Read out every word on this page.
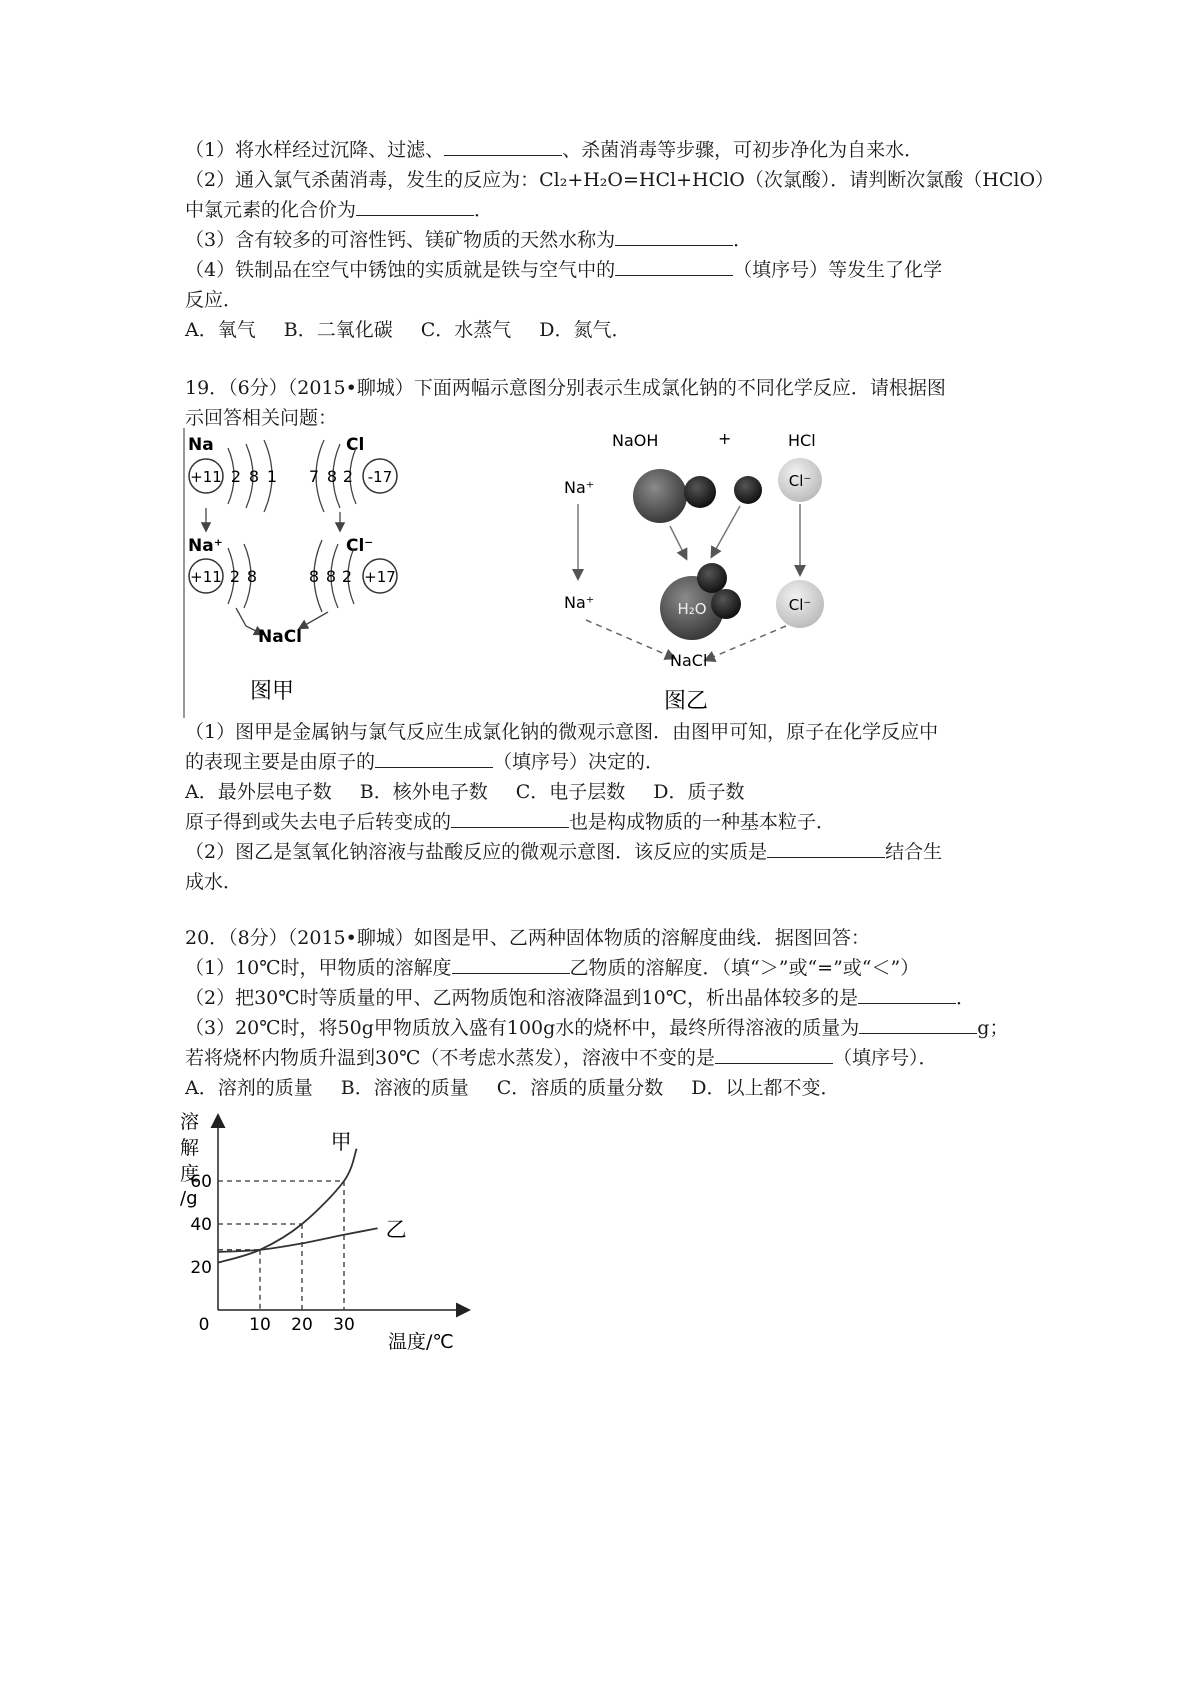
（1）将水样经过沉降、过滤、	、杀菌消毒等步骤，可初步净化为自来水．
（2）通入氯气杀菌消毒，发生的反应为：Cl₂+H₂O=HCl+HClO（次氯酸）．请判断次氯酸（HClO）
中氯元素的化合价为	．
（3）含有较多的可溶性钙、镁矿物质的天然水称为	．
（4）铁制品在空气中锈蚀的实质就是铁与空气中的	（填序号）等发生了化学
反应．
A．氧气 B．二氧化碳 C．水蒸气 D．氮气．
19．（6分）（2015•聊城）下面两幅示意图分别表示生成氯化钠的不同化学反应．请根据图
示回答相关问题：
Na
+11 2 8 1
Cl
7 8 2 -17
Na⁺
+11 2 8
Cl⁻
8 8 2 +17
NaCl
图甲
NaOH	+	HCl
Na⁺	Cl⁻
H₂O
Na⁺	Cl⁻
NaCl
图乙
（1）图甲是金属钠与氯气反应生成氯化钠的微观示意图．由图甲可知，原子在化学反应中
的表现主要是由原子的	（填序号）决定的．
A．最外层电子数 B．核外电子数 C．电子层数 D．质子数
原子得到或失去电子后转变成的	也是构成物质的一种基本粒子．
（2）图乙是氢氧化钠溶液与盐酸反应的微观示意图．该反应的实质是	结合生
成水．
20．（8分）（2015•聊城）如图是甲、乙两种固体物质的溶解度曲线．据图回答：
（1）10℃时，甲物质的溶解度	乙物质的溶解度．（填“＞”或“=”或“＜”）
（2）把30℃时等质量的甲、乙两物质饱和溶液降温到10℃，析出晶体较多的是	．
（3）20℃时，将50g甲物质放入盛有100g水的烧杯中，最终所得溶液的质量为	g；
若将烧杯内物质升温到30℃（不考虑水蒸发），溶液中不变的是	（填序号）．
A．溶剂的质量 B．溶液的质量 C．溶质的质量分数 D．以上都不变．
溶
解
度
/g
温度/℃
0 10 20 30
20
40
60
甲
乙
